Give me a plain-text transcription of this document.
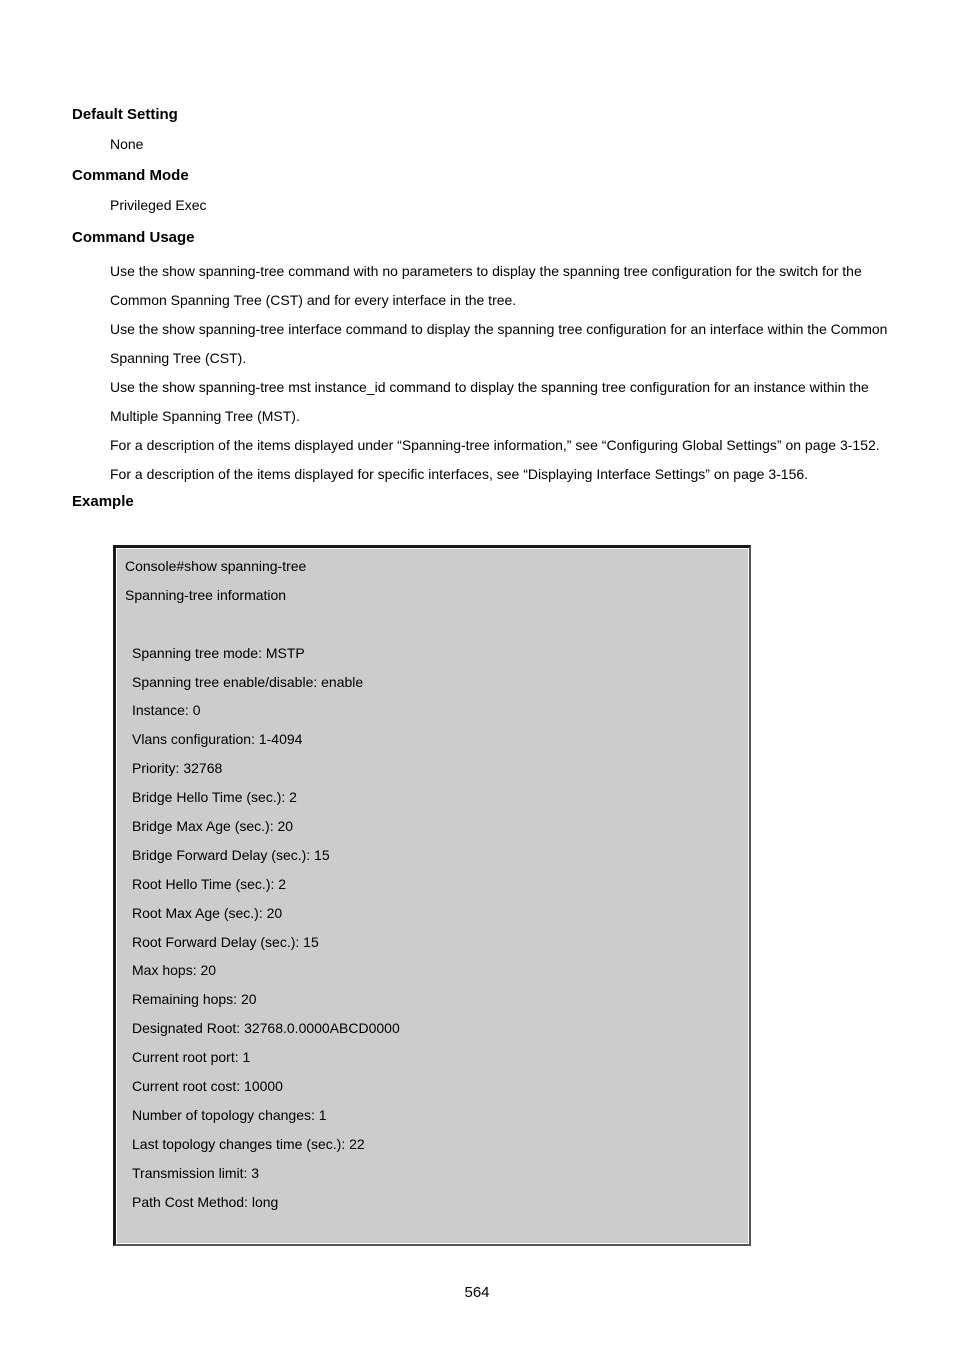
Default Setting
None
Command Mode
Privileged Exec
Command Usage

Use the show spanning-tree command with no parameters to display the spanning tree configuration for the switch for the Common Spanning Tree (CST) and for every interface in the tree.

Use the show spanning-tree interface command to display the spanning tree configuration for an interface within the Common Spanning Tree (CST).

Use the show spanning-tree mst instance_id command to display the spanning tree configuration for an instance within the Multiple Spanning Tree (MST).

For a description of the items displayed under “Spanning-tree information,” see “Configuring Global Settings” on page 3-152. For a description of the items displayed for specific interfaces, see “Displaying Interface Settings” on page 3-156.

Example
Console#show spanning-tree
Spanning-tree information
Spanning tree mode: MSTP
Spanning tree enable/disable: enable
Instance: 0
Vlans configuration: 1-4094
Priority: 32768
Bridge Hello Time (sec.): 2
Bridge Max Age (sec.): 20
Bridge Forward Delay (sec.): 15
Root Hello Time (sec.): 2
Root Max Age (sec.): 20
Root Forward Delay (sec.): 15
Max hops: 20
Remaining hops: 20
Designated Root: 32768.0.0000ABCD0000
Current root port: 1
Current root cost: 10000
Number of topology changes: 1
Last topology changes time (sec.): 22
Transmission limit: 3
Path Cost Method: long
564
